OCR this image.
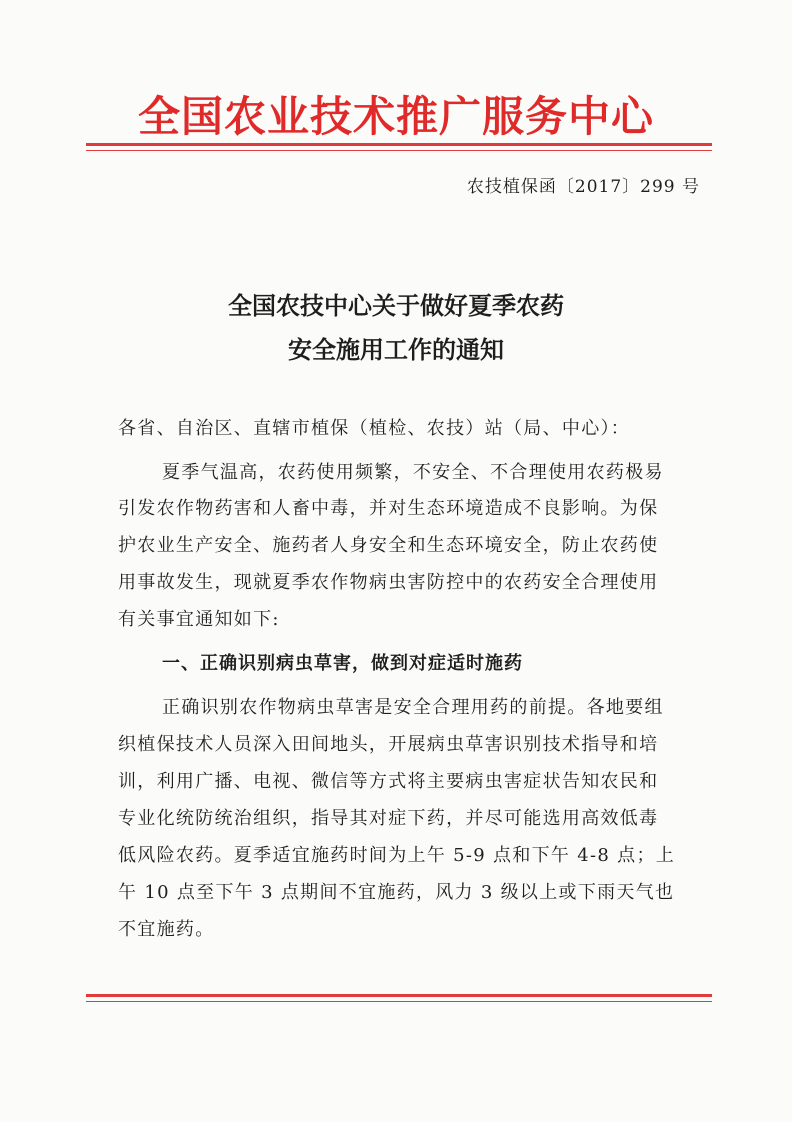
全国农业技术推广服务中心
农技植保函〔2017〕299 号
全国农技中心关于做好夏季农药
安全施用工作的通知
各省、自治区、直辖市植保（植检、农技）站（局、中心）：
夏季气温高，农药使用频繁，不安全、不合理使用农药极易
引发农作物药害和人畜中毒，并对生态环境造成不良影响。为保
护农业生产安全、施药者人身安全和生态环境安全，防止农药使
用事故发生，现就夏季农作物病虫害防控中的农药安全合理使用
有关事宜通知如下:
一、正确识别病虫草害，做到对症适时施药
正确识别农作物病虫草害是安全合理用药的前提。各地要组
织植保技术人员深入田间地头，开展病虫草害识别技术指导和培
训，利用广播、电视、微信等方式将主要病虫害症状告知农民和
专业化统防统治组织，指导其对症下药，并尽可能选用高效低毒
低风险农药。夏季适宜施药时间为上午 5-9 点和下午 4-8 点；上
午 10 点至下午 3 点期间不宜施药，风力 3 级以上或下雨天气也
不宜施药。
